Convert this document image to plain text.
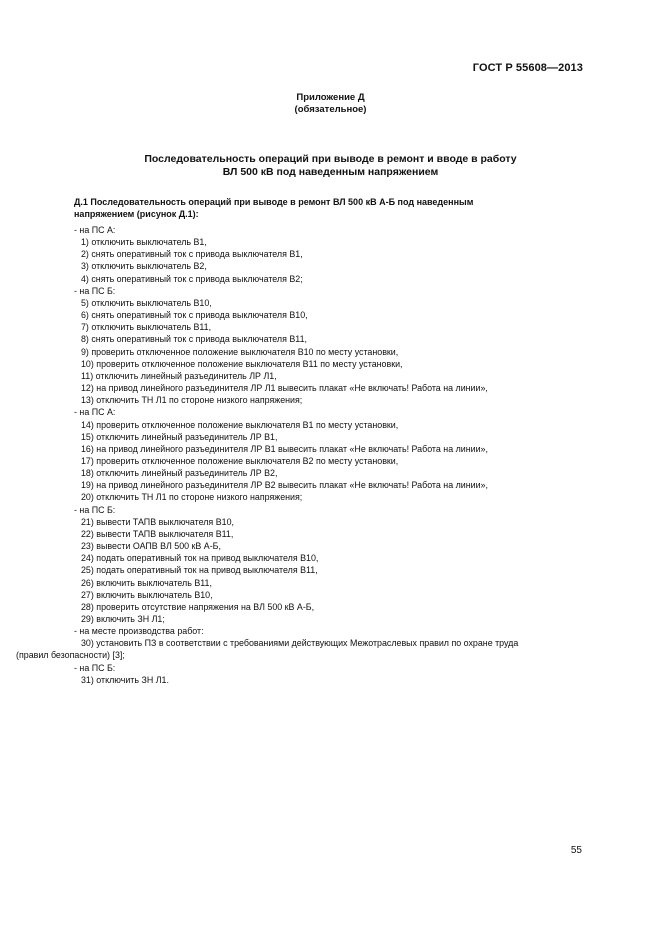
ГОСТ Р 55608—2013
Приложение Д
(обязательное)
Последовательность операций при выводе в ремонт и вводе в работу
ВЛ 500 кВ под наведенным напряжением
Д.1 Последовательность операций при выводе в ремонт ВЛ 500 кВ А-Б под наведенным
напряжением (рисунок Д.1):
- на ПС А:
1) отключить выключатель В1,
2) снять оперативный ток с привода выключателя В1,
3) отключить выключатель В2,
4) снять оперативный ток с привода выключателя В2;
- на ПС Б:
5) отключить выключатель В10,
6) снять оперативный ток с привода выключателя В10,
7) отключить выключатель В11,
8) снять оперативный ток с привода выключателя В11,
9) проверить отключенное положение выключателя В10 по месту установки,
10) проверить отключенное положение выключателя В11 по месту установки,
11) отключить линейный разъединитель ЛР Л1,
12) на привод линейного разъединителя ЛР Л1 вывесить плакат «Не включать! Работа на линии»,
13) отключить ТН Л1 по стороне низкого напряжения;
- на ПС А:
14) проверить отключенное положение выключателя В1 по месту установки,
15) отключить линейный разъединитель ЛР В1,
16) на привод линейного разъединителя ЛР В1 вывесить плакат «Не включать! Работа на линии»,
17) проверить отключенное положение выключателя В2 по месту установки,
18) отключить линейный разъединитель ЛР В2,
19) на привод линейного разъединителя ЛР В2 вывесить плакат «Не включать! Работа на линии»,
20) отключить ТН Л1 по стороне низкого напряжения;
- на ПС Б:
21) вывести ТАПВ выключателя В10,
22) вывести ТАПВ выключателя В11,
23) вывести ОАПВ ВЛ 500 кВ А-Б,
24) подать оперативный ток на привод выключателя В10,
25) подать оперативный ток на привод выключателя В11,
26) включить выключатель В11,
27) включить выключатель В10,
28) проверить отсутствие напряжения на ВЛ 500 кВ А-Б,
29) включить ЗН Л1;
- на месте производства работ:
30) установить ПЗ в соответствии с требованиями действующих Межотраслевых правил по охране труда
(правил безопасности) [3];
- на ПС Б:
31) отключить ЗН Л1.
55
